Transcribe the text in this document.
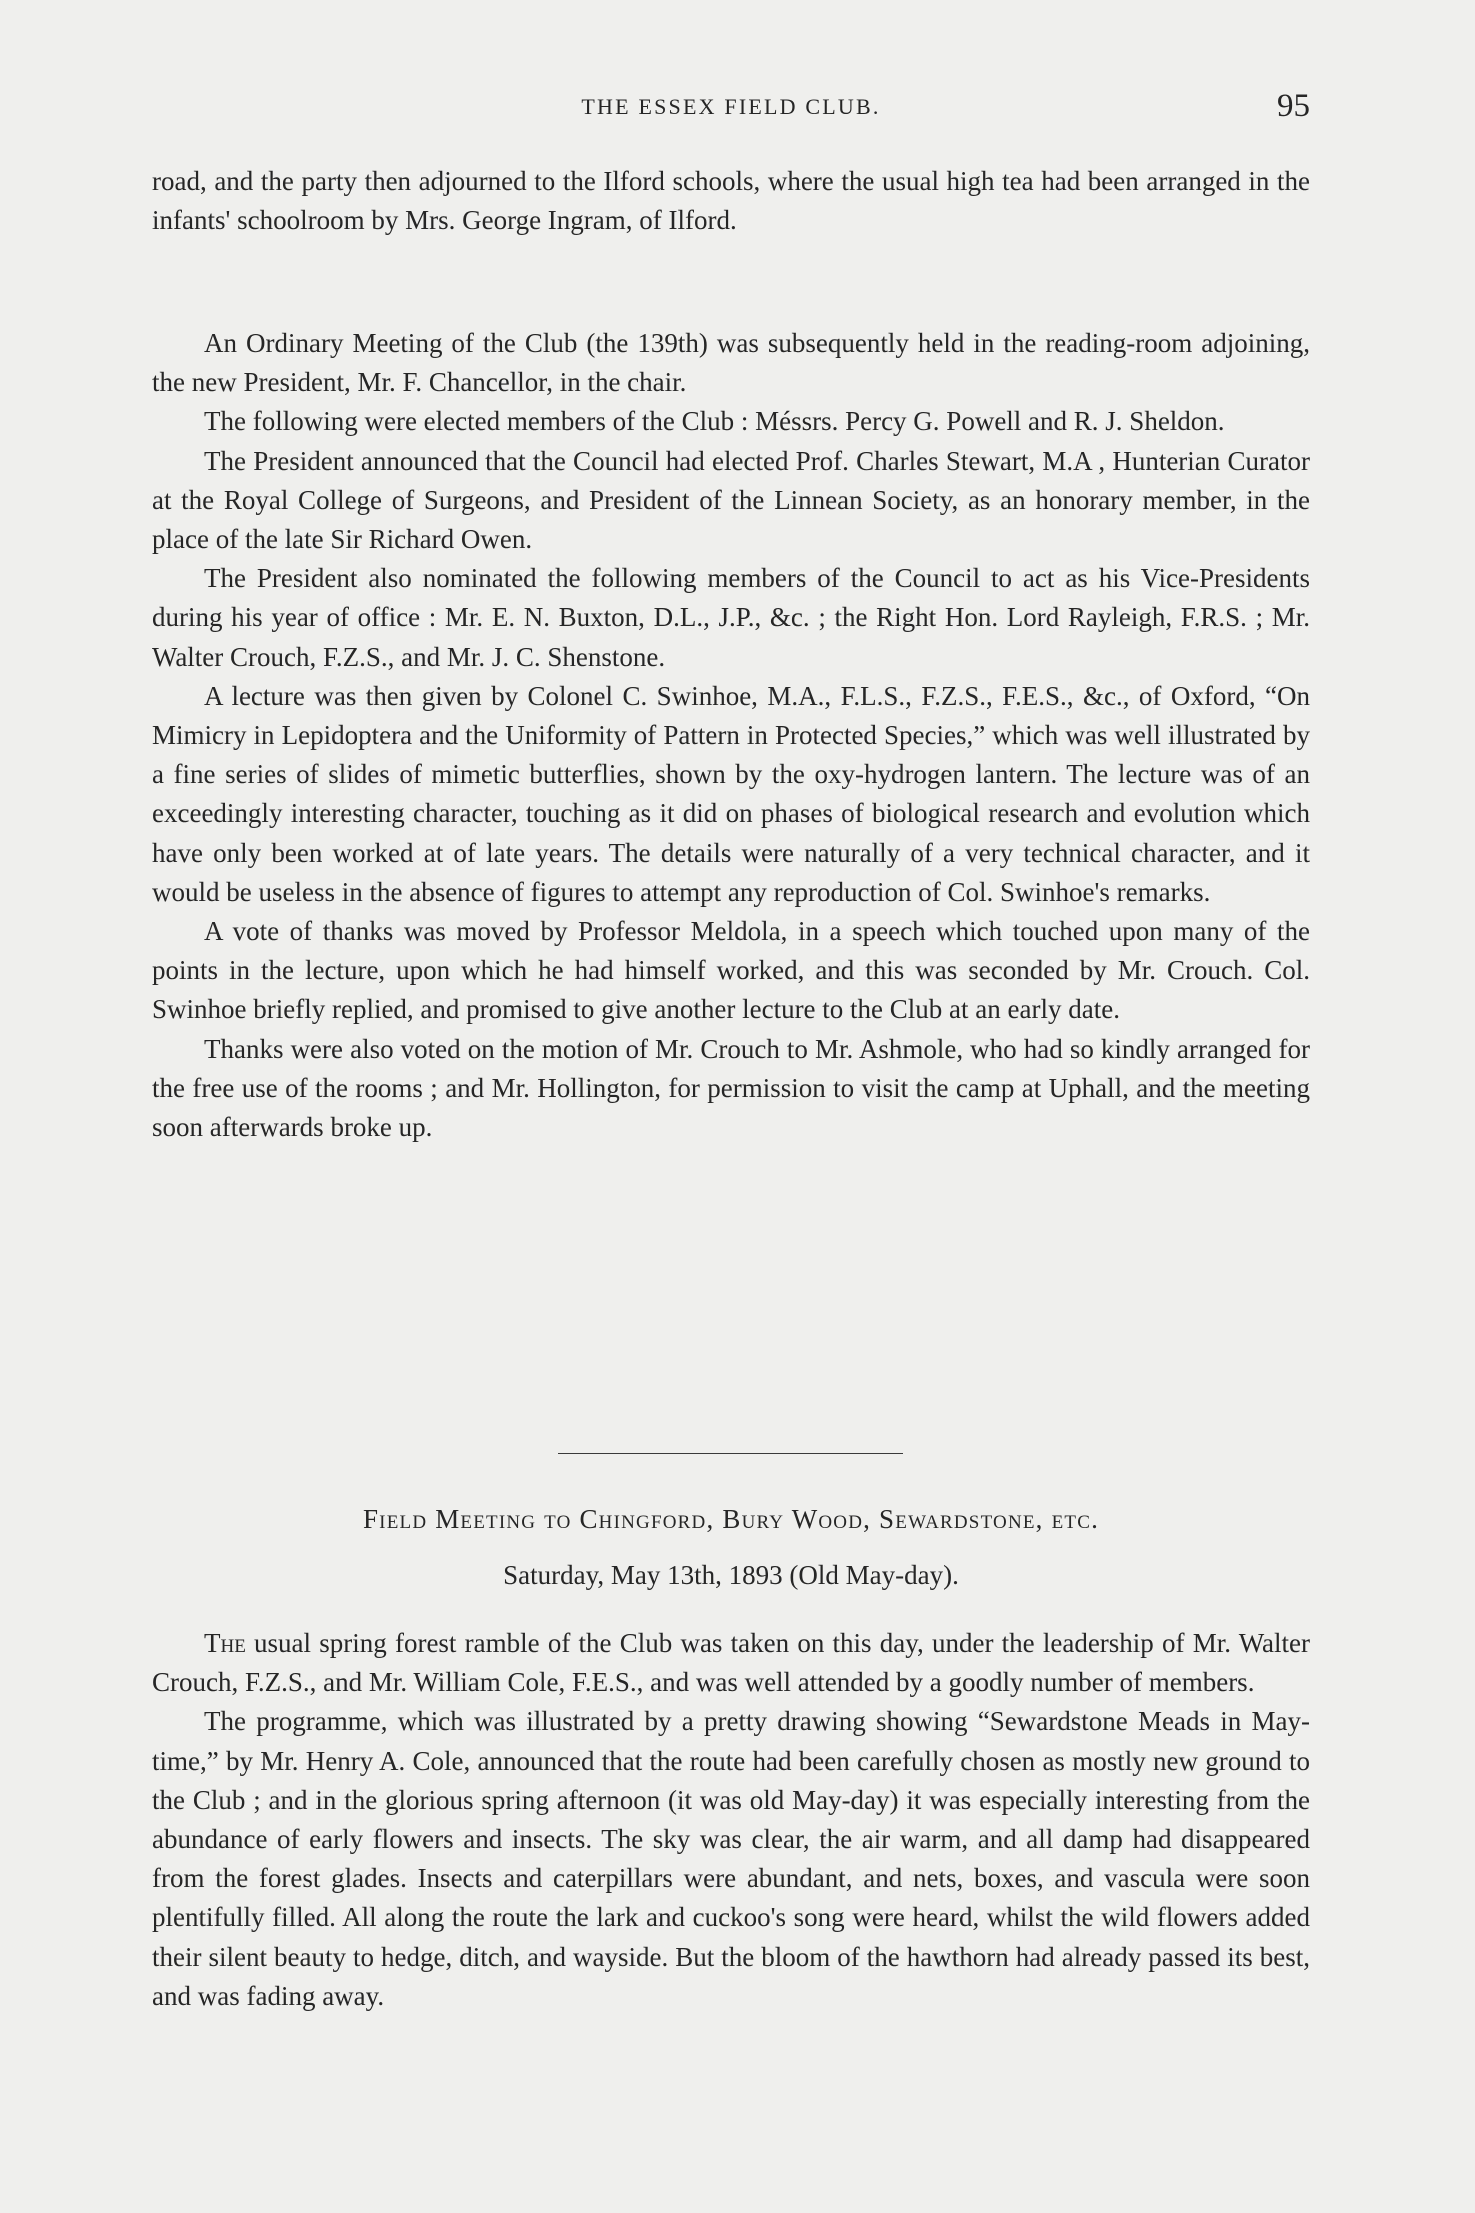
THE ESSEX FIELD CLUB.	95

road, and the party then adjourned to the Ilford schools, where the usual high tea had been arranged in the infants' schoolroom by Mrs. George Ingram, of Ilford.

An Ordinary Meeting of the Club (the 139th) was subsequently held in the reading-room adjoining, the new President, Mr. F. Chancellor, in the chair.

The following were elected members of the Club : Méssrs. Percy G. Powell and R. J. Sheldon.

The President announced that the Council had elected Prof. Charles Stewart, M.A , Hunterian Curator at the Royal College of Surgeons, and President of the Linnean Society, as an honorary member, in the place of the late Sir Richard Owen.

The President also nominated the following members of the Council to act as his Vice-Presidents during his year of office : Mr. E. N. Buxton, D.L., J.P., &c. ; the Right Hon. Lord Rayleigh, F.R.S. ; Mr. Walter Crouch, F.Z.S., and Mr. J. C. Shenstone.

A lecture was then given by Colonel C. Swinhoe, M.A., F.L.S., F.Z.S., F.E.S., &c., of Oxford, “On Mimicry in Lepidoptera and the Uniformity of Pattern in Protected Species,” which was well illustrated by a fine series of slides of mimetic butterflies, shown by the oxy-hydrogen lantern. The lecture was of an exceedingly interesting character, touching as it did on phases of biological research and evolution which have only been worked at of late years. The details were naturally of a very technical character, and it would be useless in the absence of figures to attempt any reproduction of Col. Swinhoe's remarks.

A vote of thanks was moved by Professor Meldola, in a speech which touched upon many of the points in the lecture, upon which he had himself worked, and this was seconded by Mr. Crouch. Col. Swinhoe briefly replied, and promised to give another lecture to the Club at an early date.

Thanks were also voted on the motion of Mr. Crouch to Mr. Ashmole, who had so kindly arranged for the free use of the rooms ; and Mr. Hollington, for permission to visit the camp at Uphall, and the meeting soon afterwards broke up.

Field Meeting to Chingford, Bury Wood, Sewardstone, etc.
Saturday, May 13th, 1893 (Old May-day).

The usual spring forest ramble of the Club was taken on this day, under the leadership of Mr. Walter Crouch, F.Z.S., and Mr. William Cole, F.E.S., and was well attended by a goodly number of members.

The programme, which was illustrated by a pretty drawing showing “Sewardstone Meads in May-time,” by Mr. Henry A. Cole, announced that the route had been carefully chosen as mostly new ground to the Club ; and in the glorious spring afternoon (it was old May-day) it was especially interesting from the abundance of early flowers and insects. The sky was clear, the air warm, and all damp had disappeared from the forest glades. Insects and caterpillars were abundant, and nets, boxes, and vascula were soon plentifully filled. All along the route the lark and cuckoo's song were heard, whilst the wild flowers added their silent beauty to hedge, ditch, and wayside. But the bloom of the hawthorn had already passed its best, and was fading away.
